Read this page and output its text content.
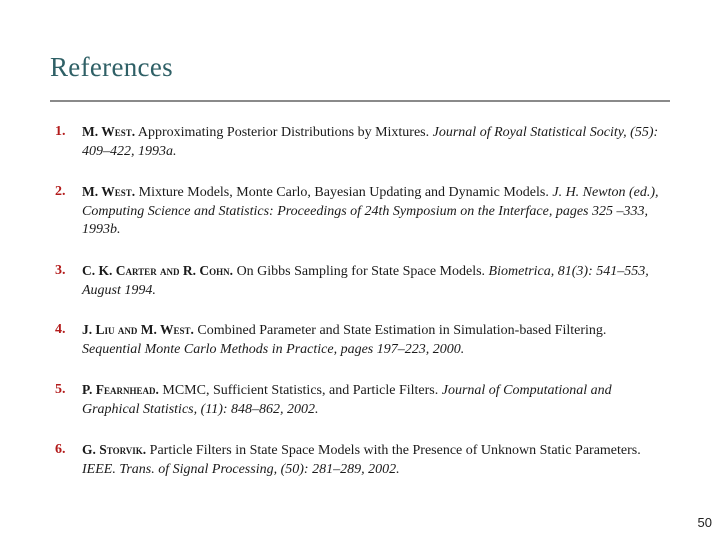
References
1.	M. West. Approximating Posterior Distributions by Mixtures. Journal of Royal Statistical Socity, (55): 409–422, 1993a.
2.	M. West. Mixture Models, Monte Carlo, Bayesian Updating and Dynamic Models. J. H. Newton (ed.), Computing Science and Statistics: Proceedings of 24th Symposium on the Interface, pages 325 –333, 1993b.
3.	C. K. Carter and R. Cohn. On Gibbs Sampling for State Space Models. Biometrica, 81(3): 541–553, August 1994.
4.	J. Liu and M. West. Combined Parameter and State Estimation in Simulation-based Filtering. Sequential Monte Carlo Methods in Practice, pages 197–223, 2000.
5.	P. Fearnhead. MCMC, Sufficient Statistics, and Particle Filters. Journal of Computational and Graphical Statistics, (11): 848–862, 2002.
6.	G. Storvik. Particle Filters in State Space Models with the Presence of Unknown Static Parameters. IEEE. Trans. of Signal Processing, (50): 281–289, 2002.
50
